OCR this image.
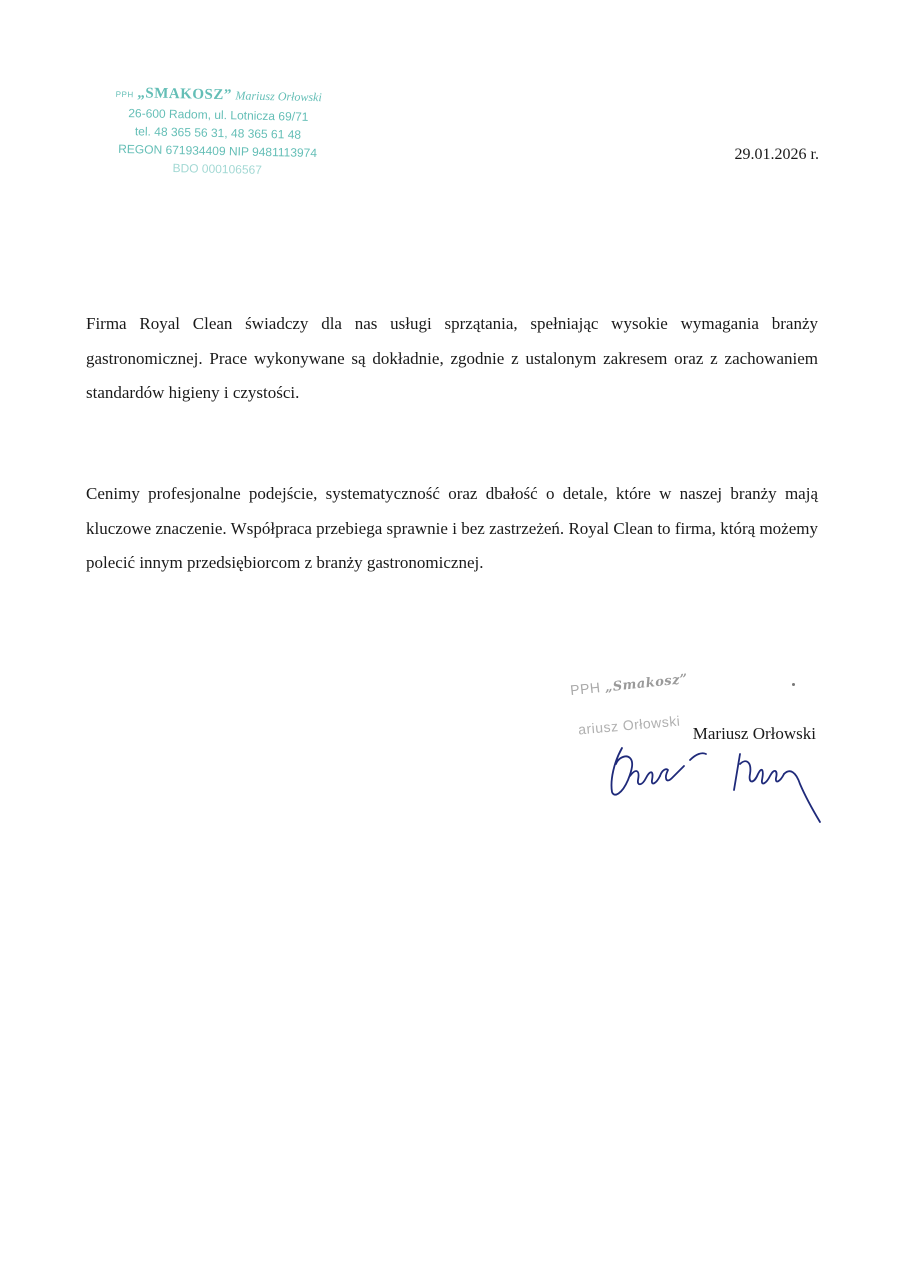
PPH „SMAKOSZ” Mariusz Orłowski
26-600 Radom, ul. Lotnicza 69/71
tel. 48 365 56 31, 48 365 61 48
REGON 671934409 NIP 9481113974
BDO 000106567
29.01.2026 r.
Firma Royal Clean świadczy dla nas usługi sprzątania, spełniając wysokie wymagania branży gastronomicznej. Prace wykonywane są dokładnie, zgodnie z ustalonym zakresem oraz z zachowaniem standardów higieny i czystości.
Cenimy profesjonalne podejście, systematyczność oraz dbałość o detale, które w naszej branży mają kluczowe znaczenie. Współpraca przebiega sprawnie i bez zastrzeżeń. Royal Clean to firma, którą możemy polecić innym przedsiębiorcom z branży gastronomicznej.
PPH „Smakosz”
ariusz Orłowski Mariusz Orłowski
